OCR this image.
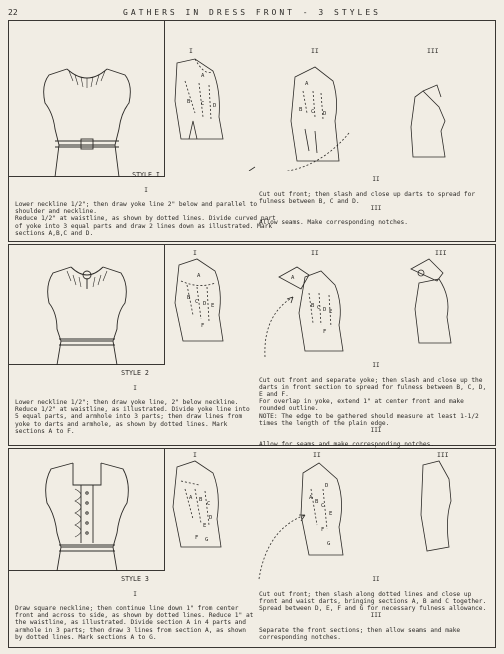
22	GATHERS IN DRESS FRONT - 3 STYLES
I	II	III
A
B C D
A
B C D

STYLE I

I

Lower neckline 1/2"; then draw yoke line 2" below and parallel to shoulder and neckline.
Reduce 1/2" at waistline, as shown by dotted lines. Divide curved part of yoke into 3 equal parts and draw 2 lines down as illustrated. Mark sections A,B,C and D.

II

Cut out front; then slash and close up darts to spread for fulness between B, C and D.

III

Allow seams. Make corresponding notches.

I	II	III
A
B
C D E
F
A
B C D E
F

STYLE 2

I

Lower neckline 1/2"; then draw yoke line, 2" below neckline.
Reduce 1/2" at waistline, as illustrated. Divide yoke line into 5 equal parts, and armhole into 3 parts; then draw lines from yoke to darts and armhole, as shown by dotted lines. Mark sections A to F.

II

Cut out front and separate yoke; then slash and close up the darts in front section to spread for fulness between B, C, D, E and F.
For overlap in yoke, extend 1" at center front and make rounded outline.
NOTE: The edge to be gathered should measure at least 1-1/2 times the length of the plain edge.

III

Allow for seams and make corresponding notches.

I	II	III
A B
C
D
E
F G
A
B
C
D
E
F
G

STYLE 3

I

Draw square neckline; then continue line down 1" from center front and across to side, as shown by dotted lines. Reduce 1" at the waistline, as illustrated. Divide section A in 4 parts and armhole in 3 parts; then draw 3 lines from section A, as shown by dotted lines. Mark sections A to G.

II

Cut out front; then slash along dotted lines and close up front and waist darts, bringing sections A, B and C together. Spread between D, E, F and G for necessary fulness allowance.

III

Separate the front sections; then allow seams and make corresponding notches.
